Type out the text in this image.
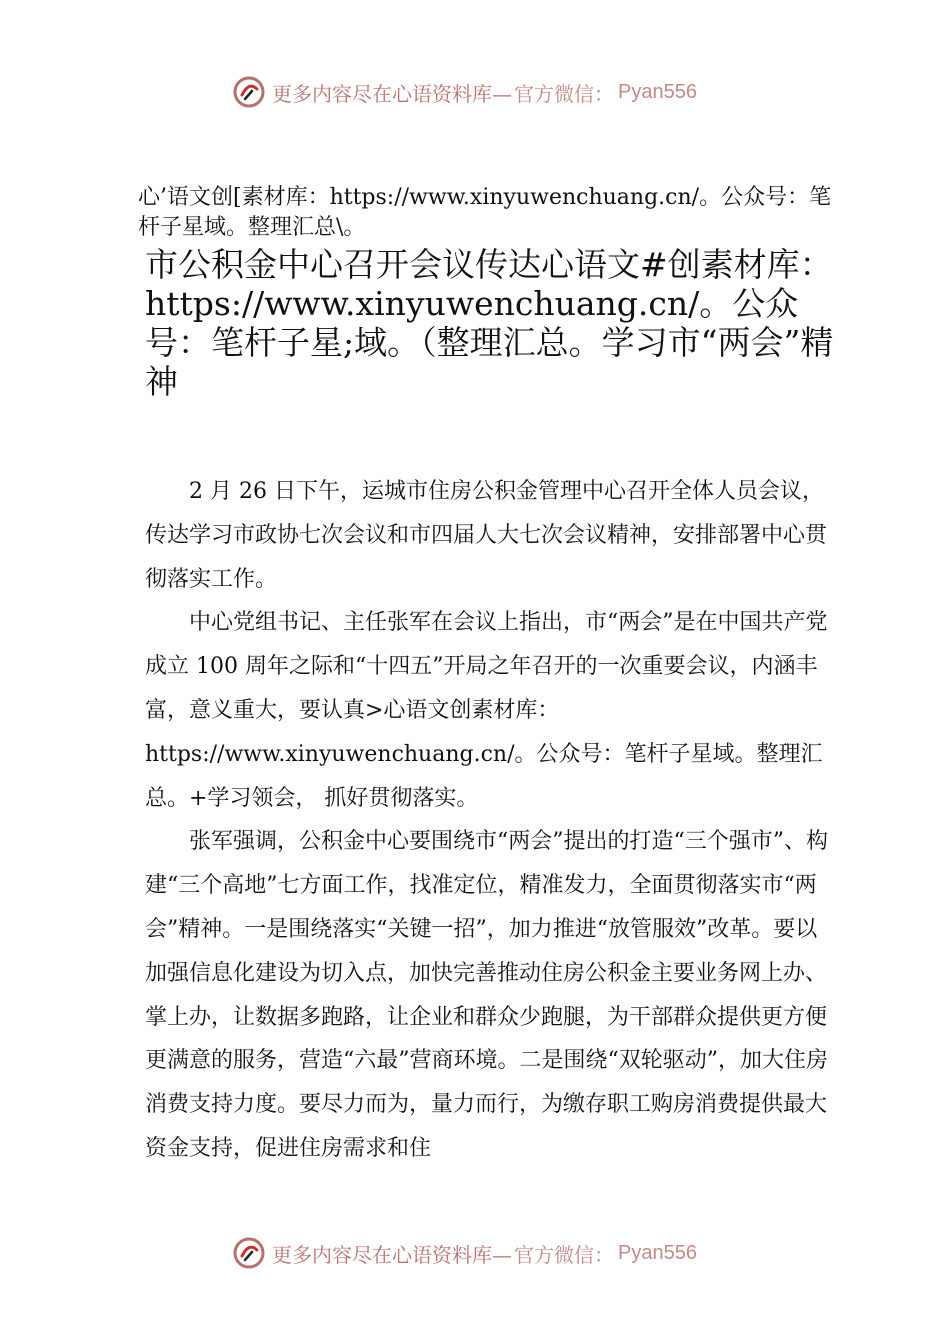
更多内容尽在心语资料库— 官方微信： Pyan556
心’语文创[素材库：https://www.xinyuwenchuang.cn/。公众号：笔杆子星域。整理汇总\。
市公积金中心召开会议传达心语文#创素材库：https://www.xinyuwenchuang.cn/。公众号：笔杆子星;域。（整理汇总。学习市“两会”精神

2 月 26 日下午，运城市住房公积金管理中心召开全体人员会议，传达学习市政协七次会议和市四届人大七次会议精神，安排部署中心贯彻落实工作。

中心党组书记、主任张军在会议上指出，市“两会”是在中国共产党成立 100 周年之际和“十四五”开局之年召开的一次重要会议，内涵丰富，意义重大，要认真>心语文创素材库：https://www.xinyuwenchuang.cn/。公众号：笔杆子星域。整理汇总。+学习领会， 抓好贯彻落实。

张军强调，公积金中心要围绕市“两会”提出的打造“三个强市”、构建“三个高地”七方面工作，找准定位，精准发力，全面贯彻落实市“两会”精神。一是围绕落实“关键一招”，加力推进“放管服效”改革。要以加强信息化建设为切入点，加快完善推动住房公积金主要业务网上办、掌上办，让数据多跑路，让企业和群众少跑腿，为干部群众提供更方便更满意的服务，营造“六最”营商环境。二是围绕“双轮驱动”，加大住房消费支持力度。要尽力而为，量力而行，为缴存职工购房消费提供最大资金支持，促进住房需求和住

更多内容尽在心语资料库— 官方微信： Pyan556
